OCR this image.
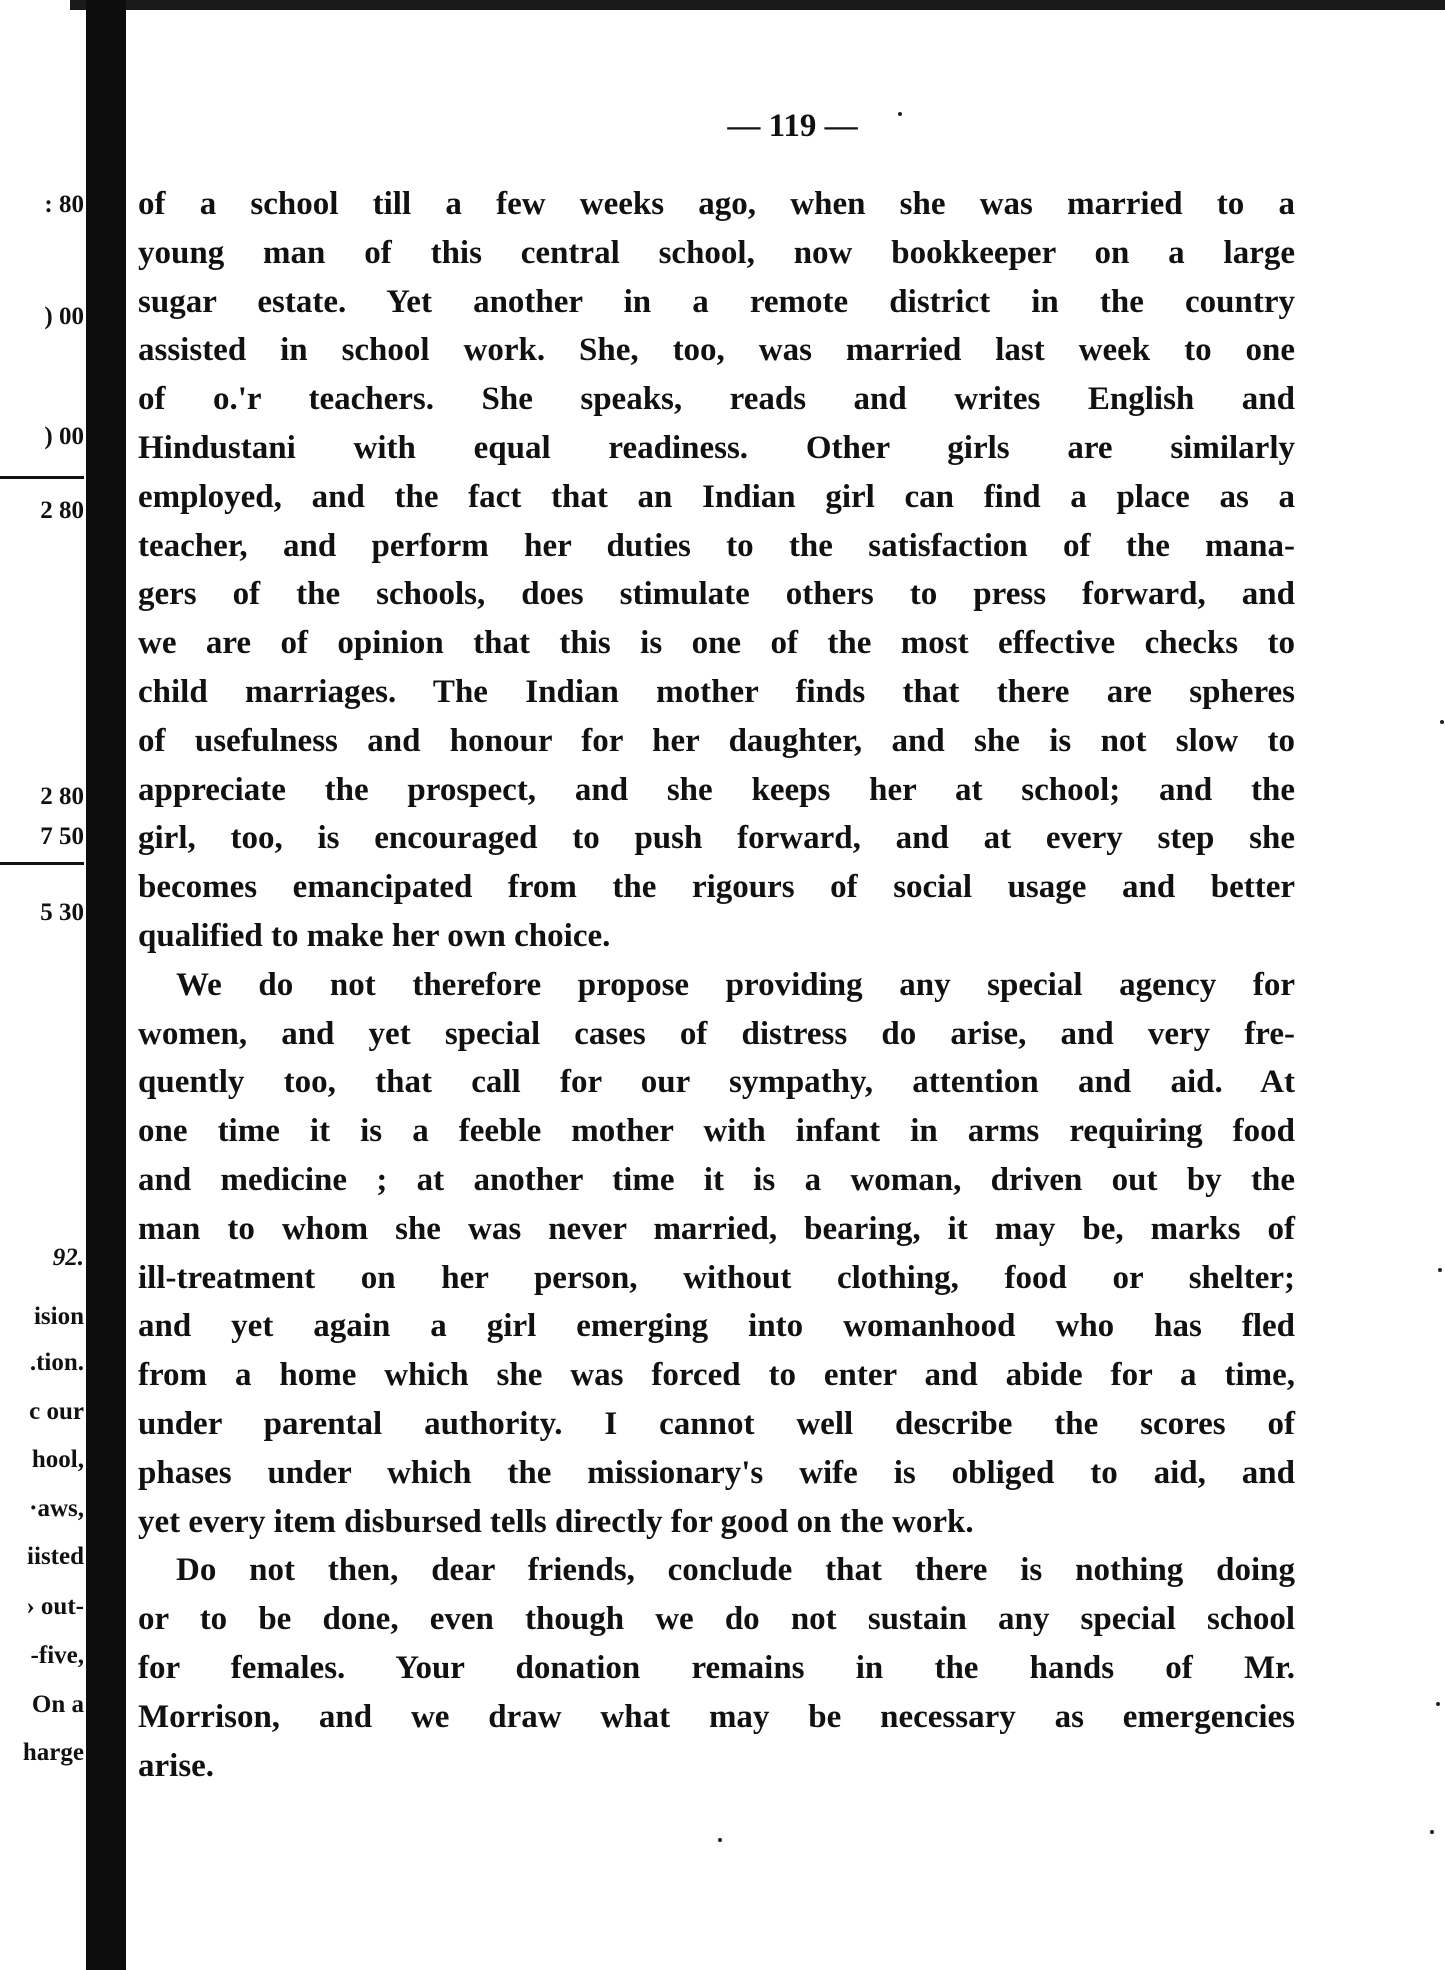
: 80
) 00
) 00
2 80
2 80
7 50
5 30
92.
ision
.tion.
c our
hool,
·aws,
iisted
› out-
-five,
On a
harge
— 119 —
of a school till a few weeks ago, when she was married to a
young man of this central school, now bookkeeper on a large
sugar estate. Yet another in a remote district in the country
assisted in school work. She, too, was married last week to one
of o.'r teachers. She speaks, reads and writes English and
Hindustani with equal readiness. Other girls are similarly
employed, and the fact that an Indian girl can find a place as a
teacher, and perform her duties to the satisfaction of the mana-
gers of the schools, does stimulate others to press forward, and
we are of opinion that this is one of the most effective checks to
child marriages. The Indian mother finds that there are spheres
of usefulness and honour for her daughter, and she is not slow to
appreciate the prospect, and she keeps her at school; and the
girl, too, is encouraged to push forward, and at every step she
becomes emancipated from the rigours of social usage and better
qualified to make her own choice.
We do not therefore propose providing any special agency for
women, and yet special cases of distress do arise, and very fre-
quently too, that call for our sympathy, attention and aid. At
one time it is a feeble mother with infant in arms requiring food
and medicine ; at another time it is a woman, driven out by the
man to whom she was never married, bearing, it may be, marks of
ill-treatment on her person, without clothing, food or shelter;
and yet again a girl emerging into womanhood who has fled
from a home which she was forced to enter and abide for a time,
under parental authority. I cannot well describe the scores of
phases under which the missionary's wife is obliged to aid, and
yet every item disbursed tells directly for good on the work.
Do not then, dear friends, conclude that there is nothing doing
or to be done, even though we do not sustain any special school
for females. Your donation remains in the hands of Mr.
Morrison, and we draw what may be necessary as emergencies
arise.
